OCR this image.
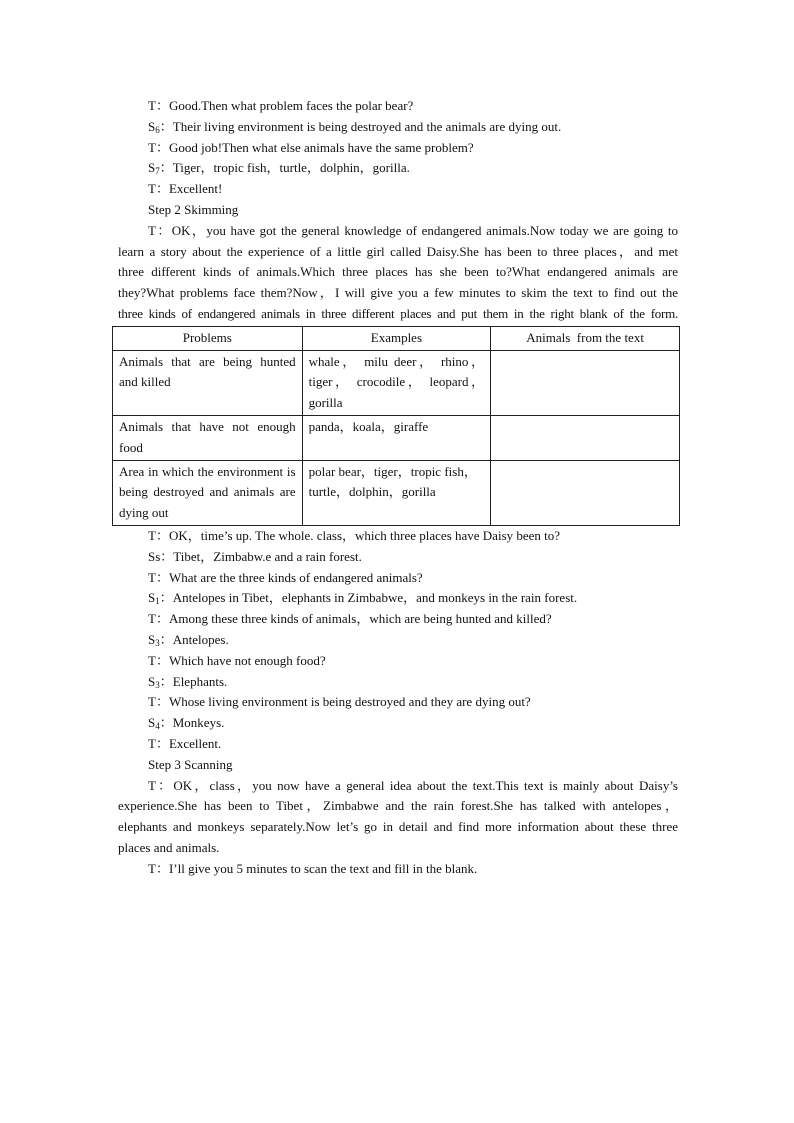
T：Good.Then what problem faces the polar bear?

$S_6$：Their living environment is being destroyed and the animals are dying out.

T：Good job!Then what else animals have the same problem?

$S_7$：Tiger，tropic fish，turtle，dolphin，gorilla.

T：Excellent!

Step 2 Skimming

T：OK，you have got the general knowledge of endangered animals.Now today we are going to

learn a story about the experience of a little girl called Daisy.She has been to three places，and met

three different kinds of animals.Which three places has she been to?What endangered animals are

they?What problems face them?Now，I will give you a few minutes to skim the text to find out the

three kinds of endangered animals in three different places and put them in the right blank of the form.

Problems	Examples	Animals  from the text
Animals that are being hunted and killed	whale， milu deer， rhino， tiger， crocodile， leopard， gorilla	
Animals that have not enough food	panda，koala，giraffe	
Area in which the environment is being destroyed and animals are dying out	polar bear，tiger，tropic fish， turtle，dolphin，gorilla	

T：OK，time’s up. The whole. class，which three places have Daisy been to?

Ss：Tibet，Zimbabw.e and a rain forest.

T：What are the three kinds of endangered animals?

$S_1$：Antelopes in Tibet，elephants in Zimbabwe，and monkeys in the rain forest.

T：Among these three kinds of animals，which are being hunted and killed?

$S_3$：Antelopes.

T：Which have not enough food?

$S_3$：Elephants.

T：Whose living environment is being destroyed and they are dying out?

$S_4$：Monkeys.

T：Excellent.

Step 3 Scanning

T：OK，class，you now have a general idea about the text.This text is mainly about Daisy’s

experience.She has been to Tibet，Zimbabwe and the rain forest.She has talked with antelopes，

elephants and monkeys separately.Now let’s go in detail and find more information about these three

places and animals.

T：I’ll give you 5 minutes to scan the text and fill in the blank.
